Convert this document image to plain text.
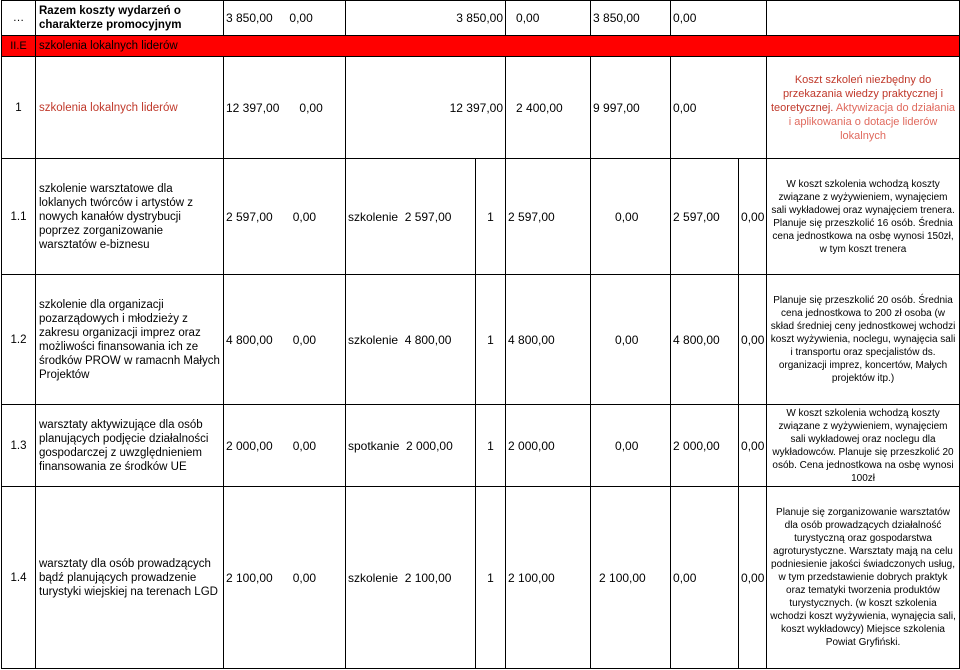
…	Razem koszty wydarzeń o charakterze promocyjnym	3 850,00 0,00	3 850,00		0,00	3 850,00	0,00		
II.E	szkolenia lokalnych liderów								
1	szkolenia lokalnych liderów	12 397,00 0,00	12 397,00		2 400,00	9 997,00	0,00		Koszt szkoleń niezbędny do przekazania wiedzy praktycznej i teoretycznej. Aktywizacja do działania i aplikowania o dotacje liderów lokalnych
1.1	szkolenie warsztatowe dla loklanych twórców i artystów z nowych kanałów dystrybucji poprzez zorganizowanie warsztatów e-biznesu	2 597,00 0,00	szkolenie 2 597,00	1	2 597,00	0,00	2 597,00	0,00	W koszt szkolenia wchodzą koszty związane z wyżywieniem, wynajęciem sali wykładowej oraz wynajęciem trenera. Planuje się przeszkolić 16 osób. Średnia cena jednostkowa na osbę wynosi 150zł, w tym koszt trenera
1.2	szkolenie dla organizacji pozarządowych i młodzieży z zakresu organizacji imprez oraz możliwości finansowania ich ze środków PROW w ramacnh Małych Projektów	4 800,00 0,00	szkolenie 4 800,00	1	4 800,00	0,00	4 800,00	0,00	Planuje się przeszkolić 20 osób. Średnia cena jednostkowa to 200 zł osoba (w skład średniej ceny jednostkowej wchodzi koszt wyżywienia, noclegu, wynajęcia sali i transportu oraz specjalistów ds. organizacji imprez, koncertów, Małych projektów itp.)
1.3	warsztaty aktywizujące dla osób planujących podjęcie działalności gospodarczej z uwzględnieniem finansowania ze środków UE	2 000,00 0,00	spotkanie 2 000,00	1	2 000,00	0,00	2 000,00	0,00	W koszt szkolenia wchodzą koszty związane z wyżywieniem, wynajęciem sali wykładowej oraz noclegu dla wykładowców. Planuje się przeszkolić 20 osób. Cena jednostkowa na osbę wynosi 100zł
1.4	warsztaty dla osób prowadzących bądź planujących prowadzenie turystyki wiejskiej na terenach LGD	2 100,00 0,00	szkolenie 2 100,00	1	2 100,00	2 100,00	0,00	0,00	Planuje się zorganizowanie warsztatów dla osób prowadzących działalność turystyczną oraz gospodarstwa agroturystyczne. Warsztaty mają na celu podniesienie jakości świadczonych usług, w tym przedstawienie dobrych praktyk oraz tematyki tworzenia produktów turystycznych. (w koszt szkolenia wchodzi koszt wyżywienia, wynajęcia sali, koszt wykładowcy) Miejsce szkolenia Powiat Gryfiński.
